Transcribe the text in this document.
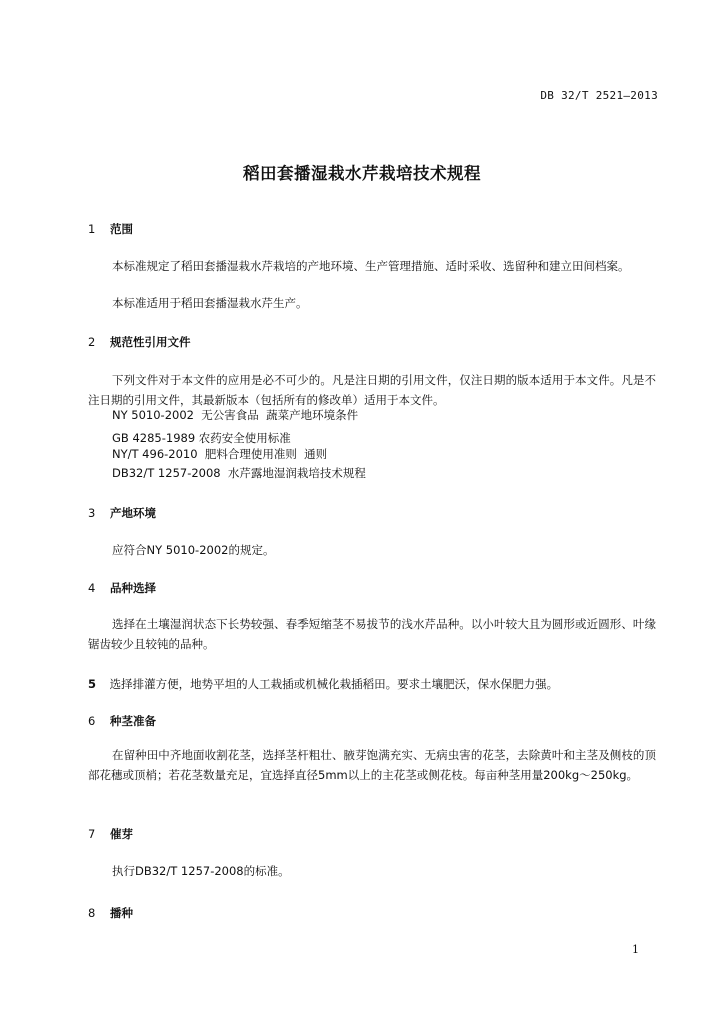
DB 32/T 2521—2013
稻田套播湿栽水芹栽培技术规程
1 范围
本标准规定了稻田套播湿栽水芹栽培的产地环境、生产管理措施、适时采收、选留种和建立田间档案。
本标准适用于稻田套播湿栽水芹生产。
2 规范性引用文件
下列文件对于本文件的应用是必不可少的。凡是注日期的引用文件，仅注日期的版本适用于本文件。凡是不注日期的引用文件，其最新版本（包括所有的修改单）适用于本文件。
NY 5010-2002  无公害食品  蔬菜产地环境条件
GB 4285-1989 农药安全使用标准
NY/T 496-2010  肥料合理使用准则  通则
DB32/T 1257-2008  水芹露地湿润栽培技术规程
3 产地环境
应符合NY 5010-2002的规定。
4 品种选择
选择在土壤湿润状态下长势较强、春季短缩茎不易拔节的浅水芹品种。以小叶较大且为圆形或近圆形、叶缘锯齿较少且较钝的品种。
5 选择排灌方便，地势平坦的人工栽插或机械化栽插稻田。要求土壤肥沃，保水保肥力强。
6 种茎准备
在留种田中齐地面收割花茎，选择茎杆粗壮、腋芽饱满充实、无病虫害的花茎，去除黄叶和主茎及侧枝的顶部花穗或顶梢；若花茎数量充足，宜选择直径5mm以上的主花茎或侧花枝。每亩种茎用量200kg～250kg。
7 催芽
执行DB32/T 1257-2008的标准。
8 播种
1
